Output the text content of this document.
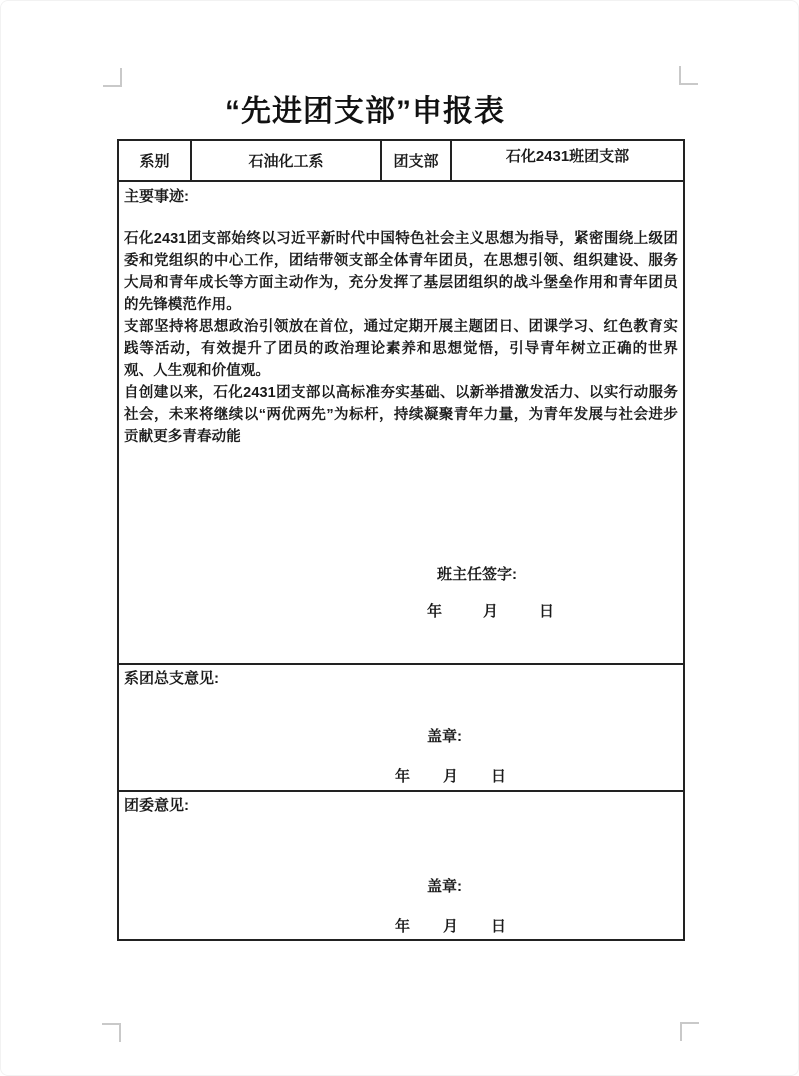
“先进团支部”申报表
系别	石油化工系	团支部	石化2431班团支部

主要事迹:

石化2431团支部始终以习近平新时代中国特色社会主义思想为指导，紧密围绕上级团委和党组织的中心工作，团结带领支部全体青年团员，在思想引领、组织建设、服务大局和青年成长等方面主动作为，充分发挥了基层团组织的战斗堡垒作用和青年团员的先锋模范作用。

支部坚持将思想政治引领放在首位，通过定期开展主题团日、团课学习、红色教育实践等活动，有效提升了团员的政治理论素养和思想觉悟，引导青年树立正确的世界观、人生观和价值观。

自创建以来，石化2431团支部以高标准夯实基础、以新举措激发活力、以实行动服务社会，未来将继续以“两优两先”为标杆，持续凝聚青年力量，为青年发展与社会进步贡献更多青春动能

班主任签字:
年	月	日

系团总支意见:
盖章:
年 月 日

团委意见:
盖章:
年 月 日
